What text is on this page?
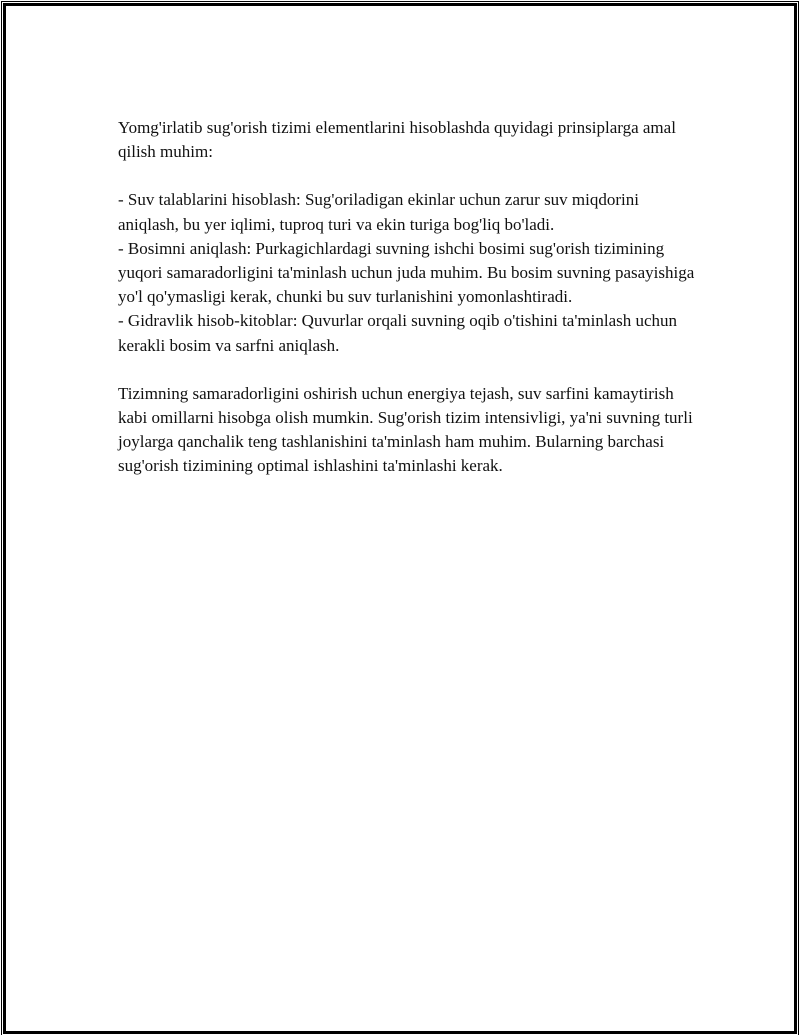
Yomg'irlatib sug'orish tizimi elementlarini hisoblashda quyidagi prinsiplarga amal qilish muhim:

- Suv talablarini hisoblash: Sug'oriladigan ekinlar uchun zarur suv miqdorini aniqlash, bu yer iqlimi, tuproq turi va ekin turiga bog'liq bo'ladi.

- Bosimni aniqlash: Purkagichlardagi suvning ishchi bosimi sug'orish tizimining yuqori samaradorligini ta'minlash uchun juda muhim. Bu bosim suvning pasayishiga yo'l qo'ymasligi kerak, chunki bu suv turlanishini yomonlashtiradi.

- Gidravlik hisob-kitoblar: Quvurlar orqali suvning oqib o'tishini ta'minlash uchun kerakli bosim va sarfni aniqlash.

Tizimning samaradorligini oshirish uchun energiya tejash, suv sarfini kamaytirish kabi omillarni hisobga olish mumkin. Sug'orish tizim intensivligi, ya'ni suvning turli joylarga qanchalik teng tashlanishini ta'minlash ham muhim. Bularning barchasi sug'orish tizimining optimal ishlashini ta'minlashi kerak.
